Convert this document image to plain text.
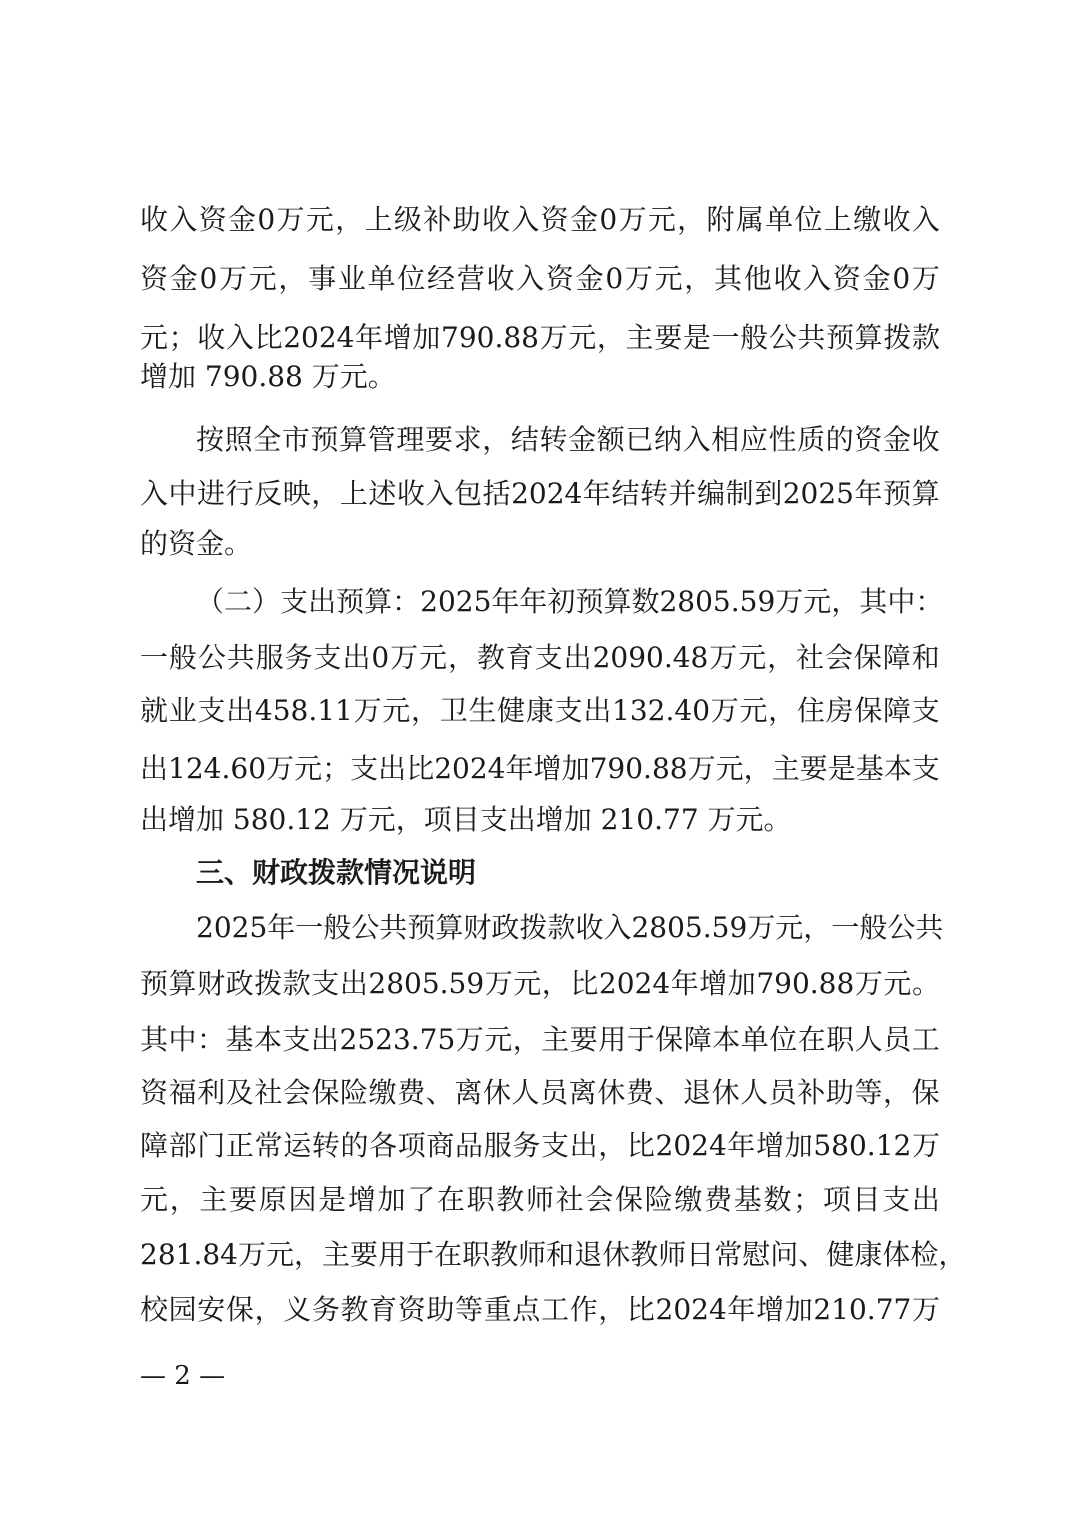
收 入 资 金 0 万 元 ， 上 级 补 助 收 入 资 金 0 万 元 ， 附 属 单 位 上 缴 收 入
资 金 0 万 元 ， 事 业 单 位 经 营 收 入 资 金 0 万 元 ， 其 他 收 入 资 金 0 万
元 ； 收 入 比 2024 年 增 加 790.88 万 元 ， 主 要 是 一 般 公 共 预 算 拨 款
增加 790.88 万元。
按 照 全 市 预 算 管 理 要 求 ， 结 转 金 额 已 纳 入 相 应 性 质 的 资 金 收
入 中 进 行 反 映 ， 上 述 收 入 包 括 2024 年 结 转 并 编 制 到 2025 年 预 算
的资金。
（ 二 ） 支 出 预 算 ： 2025 年 年 初 预 算 数 2805.59 万 元 ， 其 中 ：
一 般 公 共 服 务 支 出 0 万 元 ， 教 育 支 出 2090.48 万 元 ， 社 会 保 障 和
就 业 支 出 458.11 万 元 ， 卫 生 健 康 支 出 132.40 万 元 ， 住 房 保 障 支
出 124.60 万 元 ； 支 出 比 2024 年 增 加 790.88 万 元 ， 主 要 是 基 本 支
出增加 580.12 万元，项目支出增加 210.77 万元。
三、财政拨款情况说明
2025 年 一 般 公 共 预 算 财 政 拨 款 收 入 2805.59 万 元 ， 一 般 公 共
预 算 财 政 拨 款 支 出 2805.59 万 元 ， 比 2024 年 增 加 790.88 万 元 。
其 中 ： 基 本 支 出 2523.75 万 元 ， 主 要 用 于 保 障 本 单 位 在 职 人 员 工
资 福 利 及 社 会 保 险 缴 费 、 离 休 人 员 离 休 费 、 退 休 人 员 补 助 等 ， 保
障 部 门 正 常 运 转 的 各 项 商 品 服 务 支 出 ， 比 2024 年 增 加 580.12 万
元 ， 主 要 原 因 是 增 加 了 在 职 教 师 社 会 保 险 缴 费 基 数 ； 项 目 支 出
281.84 万 元 ， 主 要 用 于 在 职 教 师 和 退 休 教 师 日 常 慰 问 、 健 康 体 检 ，
校 园 安 保 ， 义 务 教 育 资 助 等 重 点 工 作 ， 比 2024 年 增 加 210.77 万
— 2 —
